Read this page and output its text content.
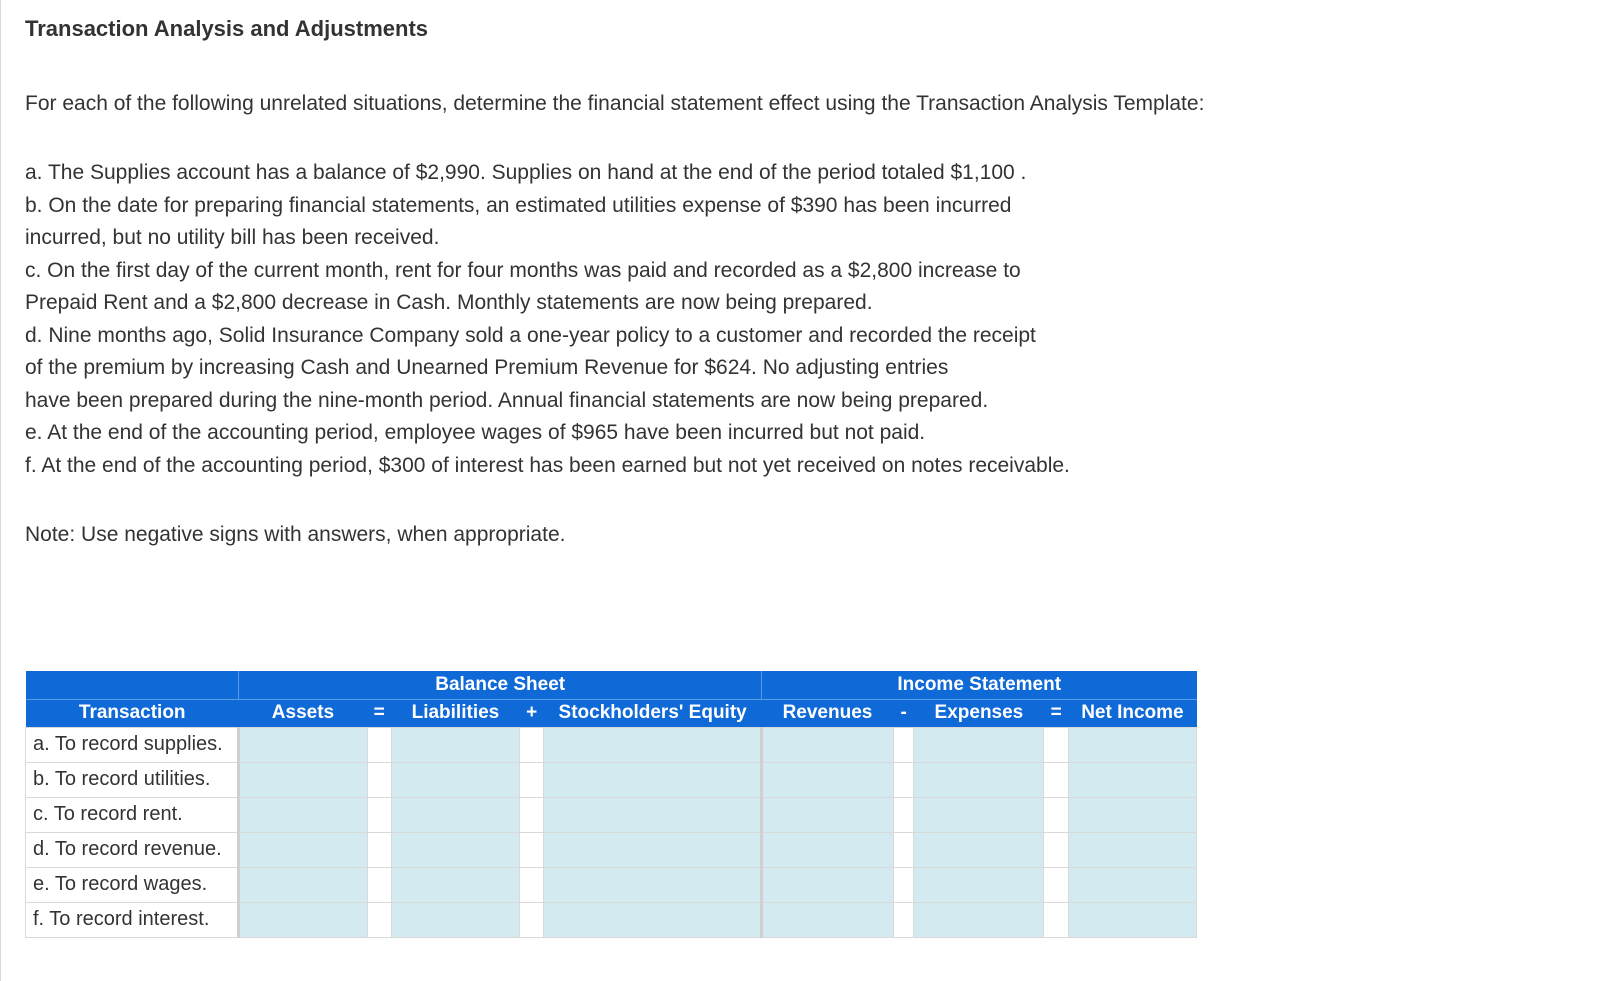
Transaction Analysis and Adjustments
For each of the following unrelated situations, determine the financial statement effect using the Transaction Analysis Template:
a. The Supplies account has a balance of $2,990. Supplies on hand at the end of the period totaled $1,100 .
b. On the date for preparing financial statements, an estimated utilities expense of $390 has been incurred
incurred, but no utility bill has been received.
c. On the first day of the current month, rent for four months was paid and recorded as a $2,800 increase to
Prepaid Rent and a $2,800 decrease in Cash. Monthly statements are now being prepared.
d. Nine months ago, Solid Insurance Company sold a one-year policy to a customer and recorded the receipt
of the premium by increasing Cash and Unearned Premium Revenue for $624. No adjusting entries
have been prepared during the nine-month period. Annual financial statements are now being prepared.
e. At the end of the accounting period, employee wages of $965 have been incurred but not paid.
f. At the end of the accounting period, $300 of interest has been earned but not yet received on notes receivable.
Note: Use negative signs with answers, when appropriate.
	Balance Sheet					Income Statement				
Transaction	Assets	=	Liabilities	+	Stockholders' Equity	Revenues	-	Expenses	=	Net Income
a. To record supplies.										
b. To record utilities.										
c. To record rent.										
d. To record revenue.										
e. To record wages.										
f. To record interest.										
